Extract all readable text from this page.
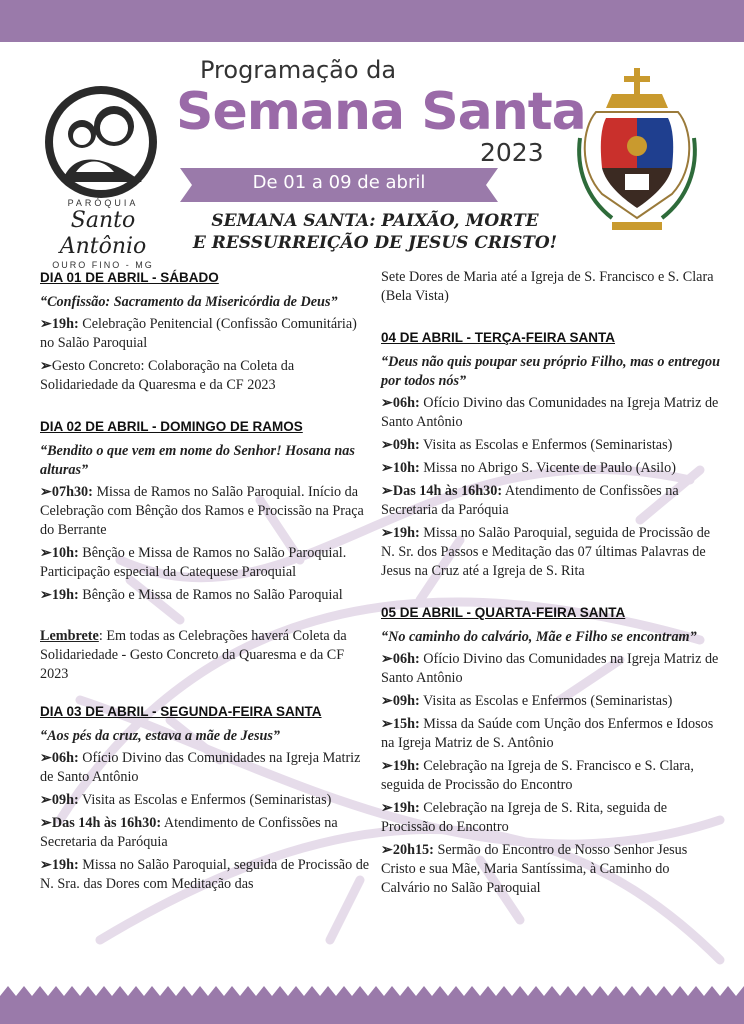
PARÓQUIA
Santo Antônio
OURO FINO - MG
Programação da
Semana Santa
2023
De 01 a 09 de abril
SEMANA SANTA: PAIXÃO, MORTE
E RESSURREIÇÃO DE JESUS CRISTO!
DIA 01 DE ABRIL - SÁBADO

“Confissão: Sacramento da Misericórdia de Deus”

➢19h: Celebração Penitencial (Confissão Comunitária) no Salão Paroquial

➢Gesto Concreto: Colaboração na Coleta da Solidariedade da Quaresma e da CF 2023

DIA 02 DE ABRIL - DOMINGO DE RAMOS

“Bendito o que vem em nome do Senhor! Hosana nas alturas”

➢07h30: Missa de Ramos no Salão Paroquial. Início da Celebração com Bênção dos Ramos e Procissão na Praça do Berrante

➢10h: Bênção e Missa de Ramos no Salão Paroquial. Participação especial da Catequese Paroquial

➢19h: Bênção e Missa de Ramos no Salão Paroquial

Lembrete: Em todas as Celebrações haverá Coleta da Solidariedade - Gesto Concreto da Quaresma e da CF 2023

DIA 03 DE ABRIL - SEGUNDA-FEIRA SANTA

“Aos pés da cruz, estava a mãe de Jesus”

➢06h: Ofício Divino das Comunidades na Igreja Matriz de Santo Antônio

➢09h: Visita as Escolas e Enfermos (Seminaristas)

➢Das 14h às 16h30: Atendimento de Confissões na Secretaria da Paróquia

➢19h: Missa no Salão Paroquial, seguida de Procissão de N. Sra. das Dores com Meditação das

Sete Dores de Maria até a Igreja de S. Francisco e S. Clara (Bela Vista)

04 DE ABRIL - TERÇA-FEIRA SANTA

“Deus não quis poupar seu próprio Filho, mas o entregou por todos nós”

➢06h: Ofício Divino das Comunidades na Igreja Matriz de Santo Antônio

➢09h: Visita as Escolas e Enfermos (Seminaristas)

➢10h: Missa no Abrigo S. Vicente de Paulo (Asilo)

➢Das 14h às 16h30: Atendimento de Confissões na Secretaria da Paróquia

➢19h: Missa no Salão Paroquial, seguida de Procissão de N. Sr. dos Passos e Meditação das 07 últimas Palavras de Jesus na Cruz até a Igreja de S. Rita

05 DE ABRIL - QUARTA-FEIRA SANTA

“No caminho do calvário, Mãe e Filho se encontram”

➢06h: Ofício Divino das Comunidades na Igreja Matriz de Santo Antônio

➢09h: Visita as Escolas e Enfermos (Seminaristas)

➢15h: Missa da Saúde com Unção dos Enfermos e Idosos na Igreja Matriz de S. Antônio

➢19h: Celebração na Igreja de S. Francisco e S. Clara, seguida de Procissão do Encontro

➢19h: Celebração na Igreja de S. Rita, seguida de Procissão do Encontro

➢20h15: Sermão do Encontro de Nosso Senhor Jesus Cristo e sua Mãe, Maria Santíssima, à Caminho do Calvário no Salão Paroquial
